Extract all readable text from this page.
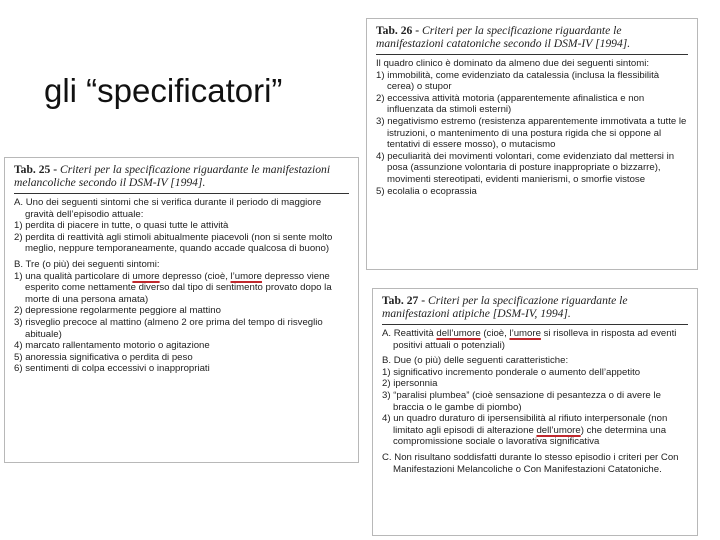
gli “specificatori”
Tab. 25 - Criteri per la specificazione riguardante le manifestazioni melancoliche secondo il DSM-IV [1994].
A. Uno dei seguenti sintomi che si verifica durante il periodo di maggiore gravità dell’episodio attuale:
1) perdita di piacere in tutte, o quasi tutte le attività
2) perdita di reattività agli stimoli abitualmente piacevoli (non si sente molto meglio, neppure temporaneamente, quando accade qualcosa di buono)
B. Tre (o più) dei seguenti sintomi:
1) una qualità particolare di umore depresso (cioè, l’umore depresso viene esperito come nettamente diverso dal tipo di sentimento provato dopo la morte di una persona amata)
2) depressione regolarmente peggiore al mattino
3) risveglio precoce al mattino (almeno 2 ore prima del tempo di risveglio abituale)
4) marcato rallentamento motorio o agitazione
5) anoressia significativa o perdita di peso
6) sentimenti di colpa eccessivi o inappropriati
Tab. 26 - Criteri per la specificazione riguardante le manifestazioni catatoniche secondo il DSM-IV [1994].
Il quadro clinico è dominato da almeno due dei seguenti sintomi:
1) immobilità, come evidenziato da catalessia (inclusa la flessibilità cerea) o stupor
2) eccessiva attività motoria (apparentemente afinalistica e non influenzata da stimoli esterni)
3) negativismo estremo (resistenza apparentemente immotivata a tutte le istruzioni, o mantenimento di una postura rigida che si oppone al tentativi di essere mosso), o mutacismo
4) peculiarità dei movimenti volontari, come evidenziato dal mettersi in posa (assunzione volontaria di posture inappropriate o bizzarre), movimenti stereotipati, evidenti manierismi, o smorfie vistose
5) ecolalia o ecoprassia
Tab. 27 - Criteri per la specificazione riguardante le manifestazioni atipiche [DSM-IV, 1994].
A. Reattività dell’umore (cioè, l’umore si risolleva in risposta ad eventi positivi attuali o potenziali)
B. Due (o più) delle seguenti caratteristiche:
1) significativo incremento ponderale o aumento dell’appetito
2) ipersonnia
3) “paralisi plumbea” (cioè sensazione di pesantezza o di avere le braccia o le gambe di piombo)
4) un quadro duraturo di ipersensibilità al rifiuto interpersonale (non limitato agli episodi di alterazione dell’umore) che determina una compromissione sociale o lavorativa significativa
C. Non risultano soddisfatti durante lo stesso episodio i criteri per Con Manifestazioni Melancoliche o Con Manifestazioni Catatoniche.
